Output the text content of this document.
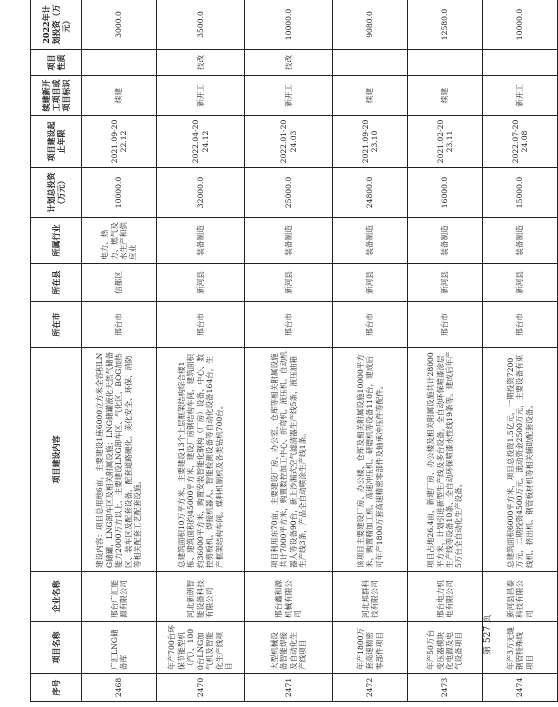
序号	项目名称	企业名称	项目建设内容	所在市	所在县	所属行业	计划总投资（万元）	项目建设起止年限	续建新开工项目或项目标识	项目性质	2022年计划投资（万元）
2468	广汇LNG储备库	邢台广汇能源有限公司	建设内容：项目总用地6亩，主要建设1座6000立方米全容积LNG储罐，LNG卸车区及相关附属设施；LNG储罐液化天然气储备能力2000万方以上，主要建设LNG卸车区、气化区、BOG加热区、装车区及配套设备，配套道路硬化、美化安全、环保、消防等相关配套工艺配套设施。	邢台市	信都区	电力、热力、燃气及水生产和供应业	10000.0	2021.09-2022.12	续建		3000.0
2470	年产700台环保节能型机（汽）、1000台LNG加气机及智能化生产线项目	河北新朗智能设备科技有限公司	总建筑面积10万平方米，主要建设13个上层框架结构综合楼1栋、建筑面积约45000平方米，建设厂房钢结构车间，建筑面积约36000平方米，购置安装智能化钢构（厂房）设备、中心、数控剪板机、焊接机器人、智能检测设备等自动化设备164台，生产框架结构车间。煤料机制机及各类钻机700台。	邢台市	新河县	装备制造	32000.0	2022.04-2024.12	新开工	技改	3500.0
2471	大型机械设备智能焊接及自动化生产线项目	邢台鑫和源机械有限公司	项目利用东70亩，主要建设厂房、办公室、仓库等相关附属设施共计7000平方米，购置数控加工中心、折弯机、液压机、自动机器人等设备90台，新上沙漏式空气滤清器生产线5条，液压油箱生产线3条，产品全自动喷涂生产线1条。	邢台市	新河县	装备制造	25000.0	2022.01-2024.03	新开工	技改	10000.0
2472	年产1800万套高速精密零部件项目	河北邦群科技有限公司	该项目主要建设厂房、办公楼、仓库及相关附属设施10000平方米，购置精加工机、高速冲压机、研磨机等设备110台，建成后可年产1800万套高速精密零部件及轴承冲压件等配件。	邢台市	新河县	装备制造	24800.0	2021.09-2023.10	续建		9080.0
2473	年产50万台变压器模块化电源及电气设备项目	邢台电力机电有限公司	项目占地26.4亩，新建厂房、办公楼及相关附属设施共计28000平方米，计划引进新型生产线及多台设备，全自动环保喷漆涂层生产线等设备10条、全自动环保喷漆水性线19条等。建成后年产5万台全自动化生产设备。	邢台市	新河县	装备制造	16000.0	2021.02-2023.11	续建		12580.0
2474	年产3万无缝钢管特殊线项目	新河县昌泰科技有限公司	总建筑面积6000平方米，项目总投资1.5亿元，一期投资7200万元，二期投资4500万元，流动资金2500万元，主要设备有束线机、挤出机、钢管板材机等相关辅助配套设备。	邢台市	新河县	装备制造	15000.0	2022.07-2024.08	新开工		10000.0
第 527 页
